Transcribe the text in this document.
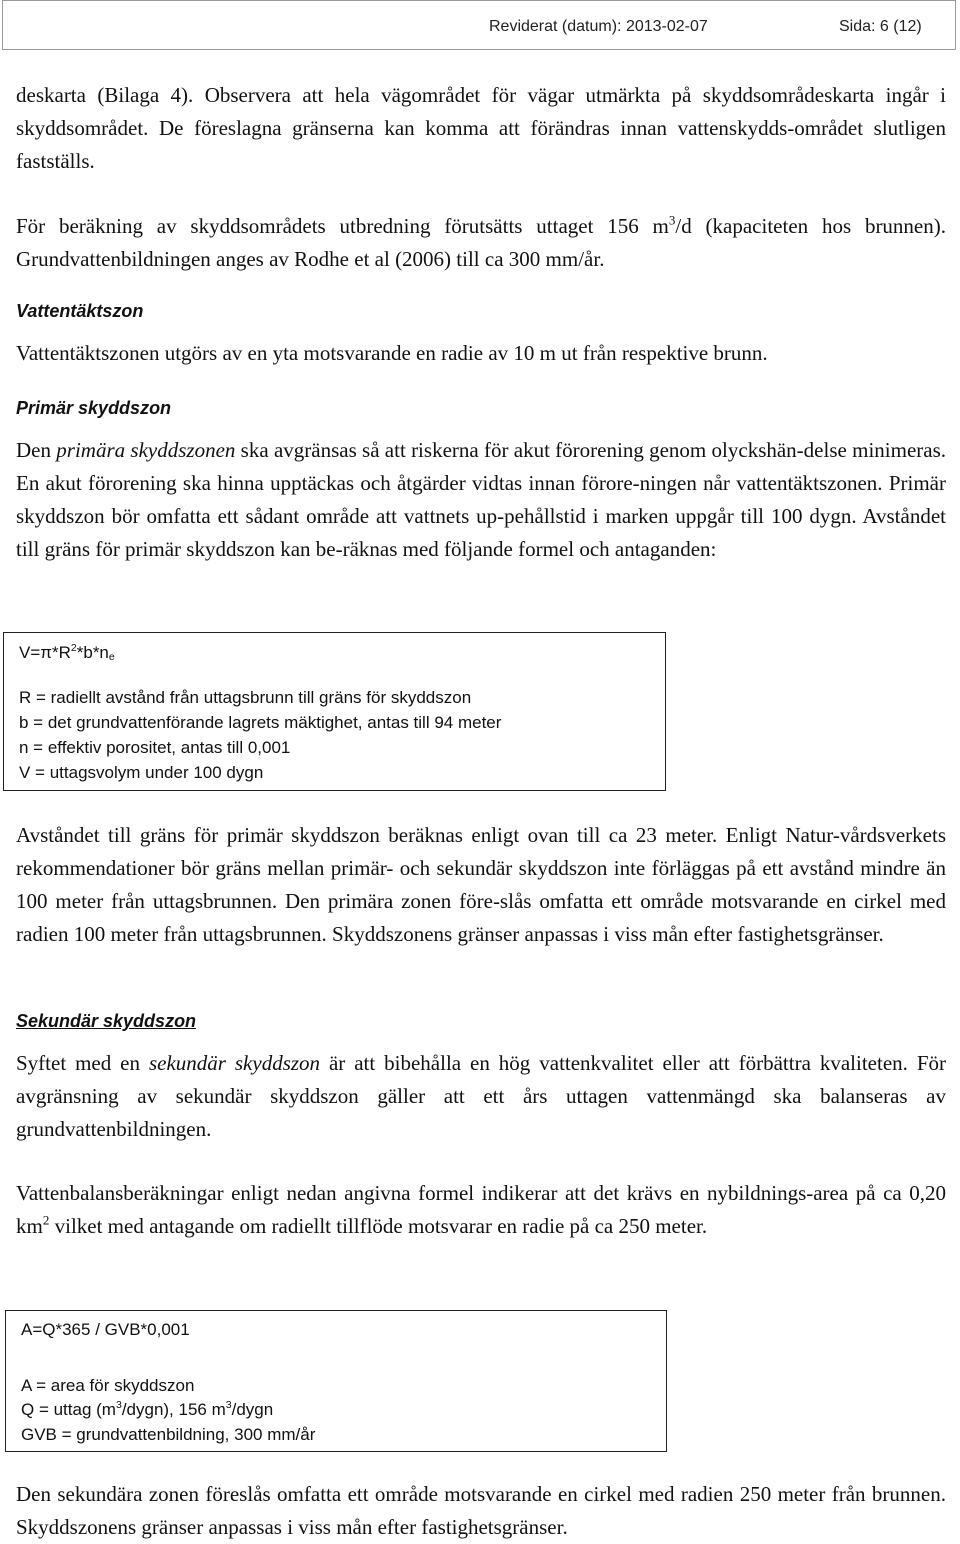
Reviderat (datum): 2013-02-07	Sida: 6 (12)

deskarta (Bilaga 4). Observera att hela vägområdet för vägar utmärkta på skyddsområdeskarta ingår i skyddsområdet. De föreslagna gränserna kan komma att förändras innan vattenskydds-området slutligen fastställs.

För beräkning av skyddsområdets utbredning förutsätts uttaget 156 $m^3/d$ (kapaciteten hos brunnen). Grundvattenbildningen anges av Rodhe et al (2006) till ca 300 mm/år.

Vattentäktszon

Vattentäktszonen utgörs av en yta motsvarande en radie av 10 m ut från respektive brunn.

Primär skyddszon

Den primära skyddszonen ska avgränsas så att riskerna för akut förorening genom olyckshän-delse minimeras. En akut förorening ska hinna upptäckas och åtgärder vidtas innan förore-ningen når vattentäktszonen. Primär skyddszon bör omfatta ett sådant område att vattnets up-pehållstid i marken uppgår till 100 dygn. Avståndet till gräns för primär skyddszon kan be-räknas med följande formel och antaganden:

$V=\pi*R^2*b*n_e$
R = radiellt avstånd från uttagsbrunn till gräns för skyddszon
b = det grundvattenförande lagrets mäktighet, antas till 94 meter
n = effektiv porositet, antas till 0,001
V = uttagsvolym under 100 dygn

Avståndet till gräns för primär skyddszon beräknas enligt ovan till ca 23 meter. Enligt Natur-vårdsverkets rekommendationer bör gräns mellan primär- och sekundär skyddszon inte förläggas på ett avstånd mindre än 100 meter från uttagsbrunnen. Den primära zonen före-slås omfatta ett område motsvarande en cirkel med radien 100 meter från uttagsbrunnen. Skyddszonens gränser anpassas i viss mån efter fastighetsgränser.

Sekundär skyddszon

Syftet med en sekundär skyddszon är att bibehålla en hög vattenkvalitet eller att förbättra kvaliteten. För avgränsning av sekundär skyddszon gäller att ett års uttagen vattenmängd ska balanseras av grundvattenbildningen.

Vattenbalansberäkningar enligt nedan angivna formel indikerar att det krävs en nybildnings-area på ca 0,20 $km^2$ vilket med antagande om radiellt tillflöde motsvarar en radie på ca 250 meter.

A=Q*365 / GVB*0,001
A = area för skyddszon
Q = uttag $(m^3/dygn)$, 156 $m^3$/dygn
GVB = grundvattenbildning, 300 mm/år

Den sekundära zonen föreslås omfatta ett område motsvarande en cirkel med radien 250 meter från brunnen. Skyddszonens gränser anpassas i viss mån efter fastighetsgränser.
